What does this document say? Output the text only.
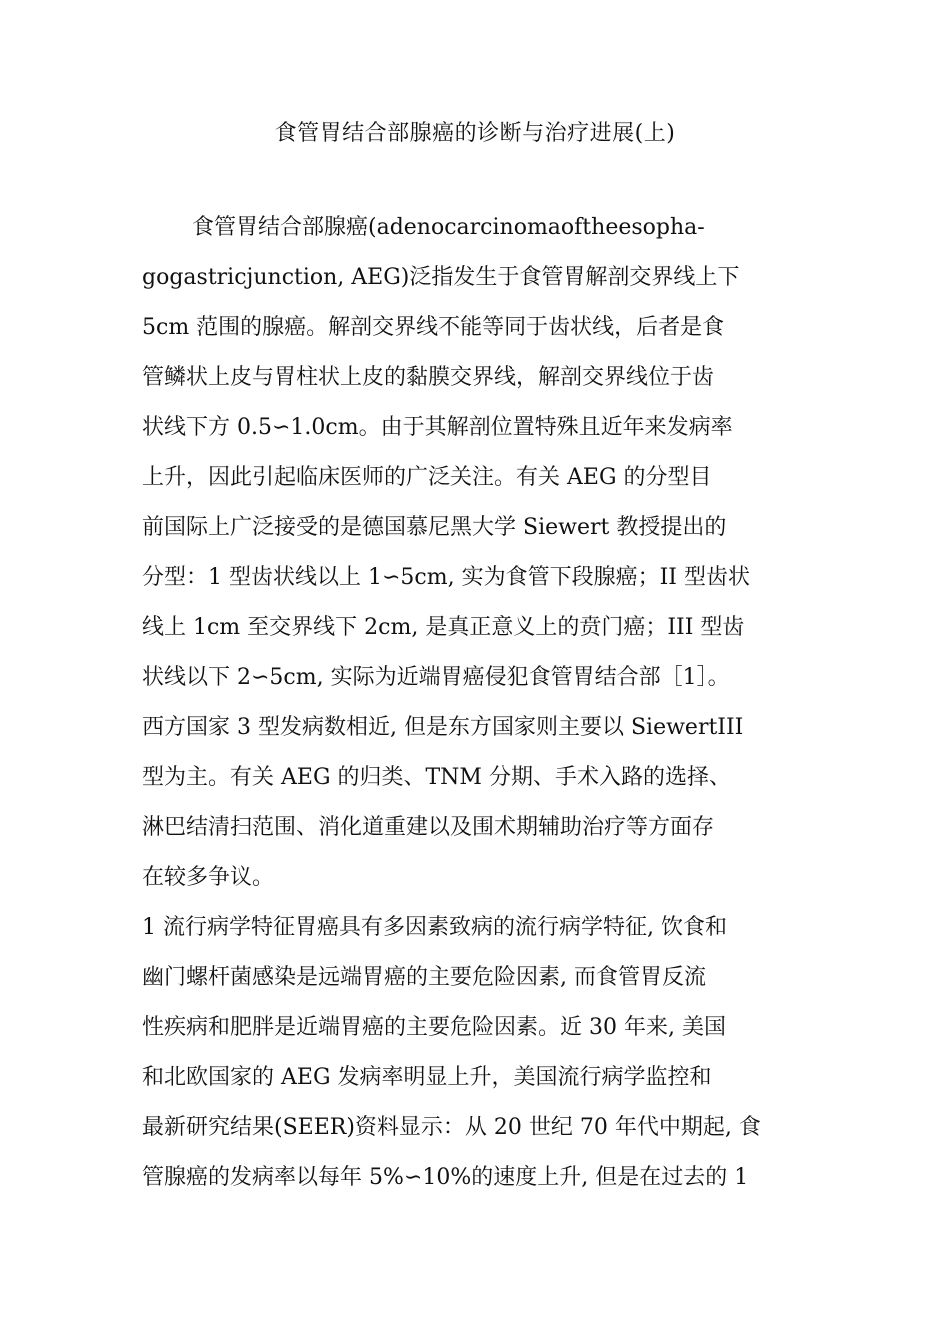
食管胃结合部腺癌的诊断与治疗进展(上)
食管胃结合部腺癌(adenocarcinomaoftheesopha-
gogastricjunction, AEG)泛指发生于食管胃解剖交界线上下
5cm 范围的腺癌。解剖交界线不能等同于齿状线，后者是食
管鳞状上皮与胃柱状上皮的黏膜交界线，解剖交界线位于齿
状线下方 0.5∽1.0cm。由于其解剖位置特殊且近年来发病率
上升，因此引起临床医师的广泛关注。有关 AEG 的分型目
前国际上广泛接受的是德国慕尼黑大学 Siewert 教授提出的
分型：1 型齿状线以上 1∽5cm, 实为食管下段腺癌；II 型齿状
线上 1cm 至交界线下 2cm, 是真正意义上的贲门癌；III 型齿
状线以下 2∽5cm, 实际为近端胃癌侵犯食管胃结合部［1］。
西方国家 3 型发病数相近, 但是东方国家则主要以 SiewertIII
型为主。有关 AEG 的归类、TNM 分期、手术入路的选择、
淋巴结清扫范围、消化道重建以及围术期辅助治疗等方面存
在较多争议。
1 流行病学特征胃癌具有多因素致病的流行病学特征, 饮食和
幽门螺杆菌感染是远端胃癌的主要危险因素, 而食管胃反流
性疾病和肥胖是近端胃癌的主要危险因素。近 30 年来, 美国
和北欧国家的 AEG 发病率明显上升，美国流行病学监控和
最新研究结果(SEER)资料显示：从 20 世纪 70 年代中期起, 食
管腺癌的发病率以每年 5%∽10%的速度上升, 但是在过去的 1
